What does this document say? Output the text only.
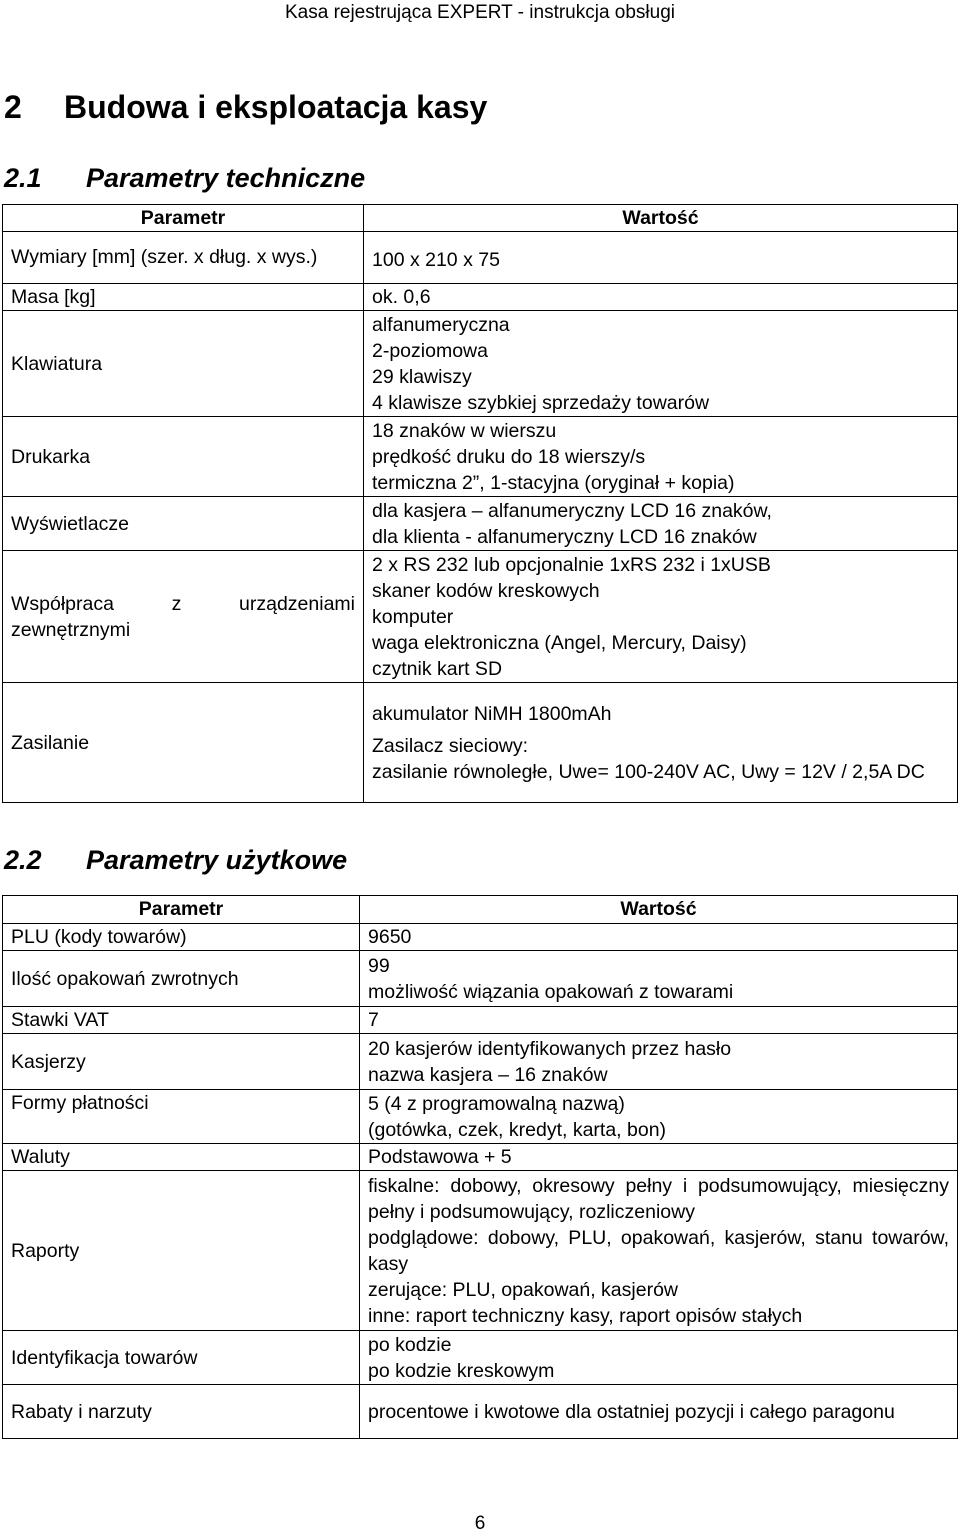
Kasa rejestrująca EXPERT - instrukcja obsługi
2 Budowa i eksploatacja kasy
2.1 Parametry techniczne
Parametr	Wartość
Wymiary [mm] (szer. x dług. x wys.)	100 x 210 x 75

Masa [kg]	ok. 0,6

Klawiatura	alfanumeryczna
2-poziomowa
29 klawiszy
4 klawisze szybkiej sprzedaży towarów

Drukarka	18 znaków w wierszu
prędkość druku do 18 wierszy/s
termiczna 2”, 1-stacyjna (oryginał + kopia)

Wyświetlacze	dla kasjera – alfanumeryczny LCD 16 znaków,
dla klienta - alfanumeryczny LCD 16 znaków

Współpraca z urządzeniami zewnętrznymi	2 x RS 232 lub opcjonalnie 1xRS 232 i 1xUSB
skaner kodów kreskowych
komputer
waga elektroniczna (Angel, Mercury, Daisy)
czytnik kart SD

Zasilanie	akumulator NiMH 1800mAh
Zasilacz sieciowy:
zasilanie równoległe, Uwe= 100-240V AC, Uwy = 12V / 2,5A DC
2.2 Parametry użytkowe
Parametr	Wartość
PLU (kody towarów)	9650

Ilość opakowań zwrotnych	99
możliwość wiązania opakowań z towarami

Stawki VAT	7

Kasjerzy	20 kasjerów identyfikowanych przez hasło
nazwa kasjera – 16 znaków

Formy płatności	5 (4 z programowalną nazwą)
(gotówka, czek, kredyt, karta, bon)

Waluty	Podstawowa + 5

Raporty	fiskalne: dobowy, okresowy pełny i podsumowujący, miesięczny pełny i podsumowujący, rozliczeniowy
podglądowe: dobowy, PLU, opakowań, kasjerów, stanu towarów, kasy
zerujące: PLU, opakowań, kasjerów
inne: raport techniczny kasy, raport opisów stałych

Identyfikacja towarów	po kodzie
po kodzie kreskowym

Rabaty i narzuty	procentowe i kwotowe dla ostatniej pozycji i całego paragonu
6
